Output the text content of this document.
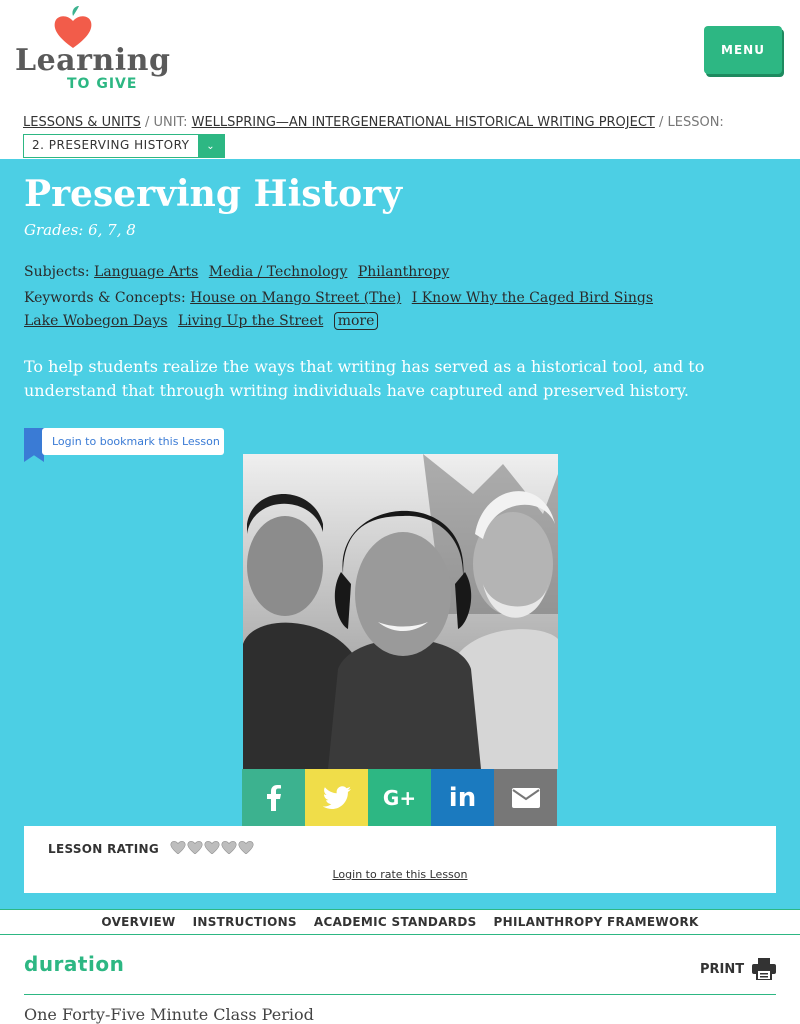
Learning
TO GIVE
MENU
LESSONS & UNITS / UNIT: WELLSPRING—AN INTERGENERATIONAL HISTORICAL WRITING PROJECT / LESSON:
2. PRESERVING HISTORY	⌄
Preserving History
Grades: 6, 7, 8
Subjects: Language Arts Media / Technology Philanthropy
Keywords & Concepts: House on Mango Street (The) I Know Why the Caged Bird Sings
Lake Wobegon Days Living Up the Street more
To help students realize the ways that writing has served as a historical tool, and to understand that through writing individuals have captured and preserved history.
Login to bookmark this Lesson
G+	in
LESSON RATING
Login to rate this Lesson
OVERVIEW INSTRUCTIONS ACADEMIC STANDARDS PHILANTHROPY FRAMEWORK
duration	PRINT
One Forty-Five Minute Class Period
